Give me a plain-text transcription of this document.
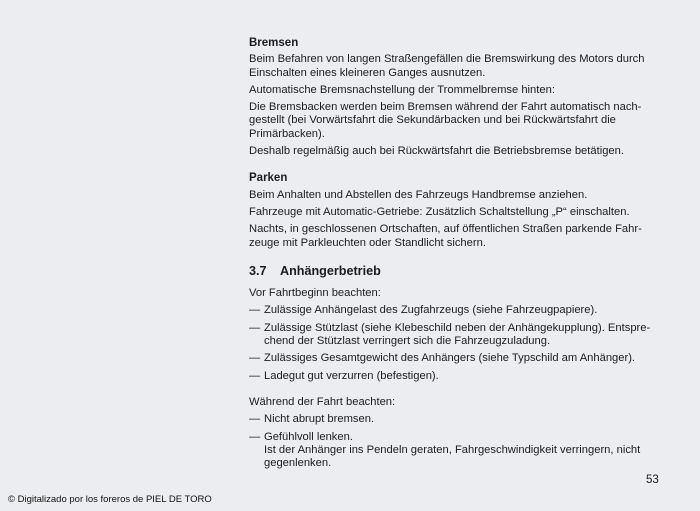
Bremsen
Beim Befahren von langen Straßengefällen die Bremswirkung des Motors durch
Einschalten eines kleineren Ganges ausnutzen.
Automatische Bremsnachstellung der Trommelbremse hinten:
Die Bremsbacken werden beim Bremsen während der Fahrt automatisch nach-
gestellt (bei Vorwärtsfahrt die Sekundärbacken und bei Rückwärtsfahrt die
Primärbacken).
Deshalb regelmäßig auch bei Rückwärtsfahrt die Betriebsbremse betätigen.
Parken
Beim Anhalten und Abstellen des Fahrzeugs Handbremse anziehen.
Fahrzeuge mit Automatic-Getriebe: Zusätzlich Schaltstellung „P“ einschalten.
Nachts, in geschlossenen Ortschaften, auf öffentlichen Straßen parkende Fahr-
zeuge mit Parkleuchten oder Standlicht sichern.
3.7 Anhängerbetrieb
Vor Fahrtbeginn beachten:
— Zulässige Anhängelast des Zugfahrzeugs (siehe Fahrzeugpapiere).
— Zulässige Stützlast (siehe Klebeschild neben der Anhängekupplung). Entspre-
chend der Stützlast verringert sich die Fahrzeugzuladung.
— Zulässiges Gesamtgewicht des Anhängers (siehe Typschild am Anhänger).
— Ladegut gut verzurren (befestigen).
Während der Fahrt beachten:
— Nicht abrupt bremsen.
— Gefühlvoll lenken.
Ist der Anhänger ins Pendeln geraten, Fahrgeschwindigkeit verringern, nicht
gegenlenken.
53
© Digitalizado por los foreros de PIEL DE TORO
